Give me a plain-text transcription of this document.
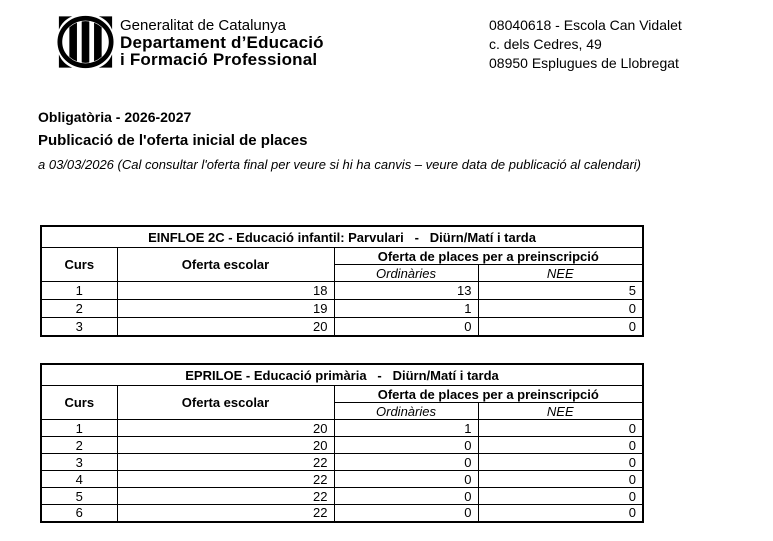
Generalitat de Catalunya
Departament d’Educació
i Formació Professional
08040618 - Escola Can Vidalet
c. dels Cedres, 49
08950 Esplugues de Llobregat
Obligatòria - 2026-2027
Publicació de l'oferta inicial de places
a 03/03/2026 (Cal consultar l'oferta final per veure si hi ha canvis – veure data de publicació al calendari)
EINFLOE 2C - Educació infantil: Parvulari   -   Diürn/Matí i tarda			
Curs	Oferta escolar	Oferta de places per a preinscripció	
		Ordinàries	NEE
1	18	13	5
2	19	1	0
3	20	0	0
EPRILOE - Educació primària   -   Diürn/Matí i tarda			
Curs	Oferta escolar	Oferta de places per a preinscripció	
		Ordinàries	NEE
1	20	1	0
2	20	0	0
3	22	0	0
4	22	0	0
5	22	0	0
6	22	0	0
